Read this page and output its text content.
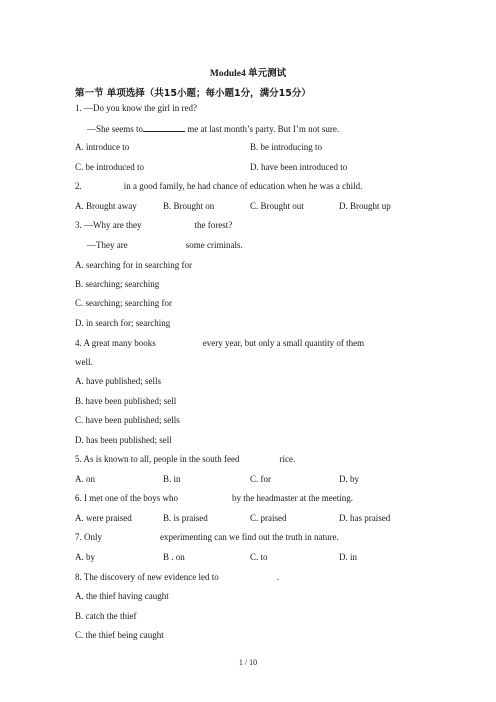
Module4 单元测试
第一节 单项选择（共15小题；每小题1分，满分15分）
1. —Do you know the girl in red?
—She seems to	me at last month’s party. But I’m not sure.
A. introduce to	B. be introducing to
C. be introduced to	D. have been introduced to
2.	in a good family, he had chance of education when he was a child.
A. Brought away	B. Brought on	C. Brought out	D. Brought up
3. —Why are they	the forest?
—They are	some criminals.
A. searching for in searching for
B. searching; searching
C. searching; searching for
D. in search for; searching
4. A great many books	every year, but only a small quantity of them
well.
A. have published; sells
B. have been published; sell
C. have been published; sells
D. has been published; sell
5. As is known to all, people in the south feed	rice.
A. on	B. in	C. for	D. by
6. I met one of the boys who	by the headmaster at the meeting.
A. were praised	B. is praised	C. praised	D. has praised
7. Only	experimenting can we find out the truth in nature.
A. by	B . on	C. to	D. in
8. The discovery of new evidence led to	.
A. the thief having caught
B. catch the thief
C. the thief being caught
1 / 10
